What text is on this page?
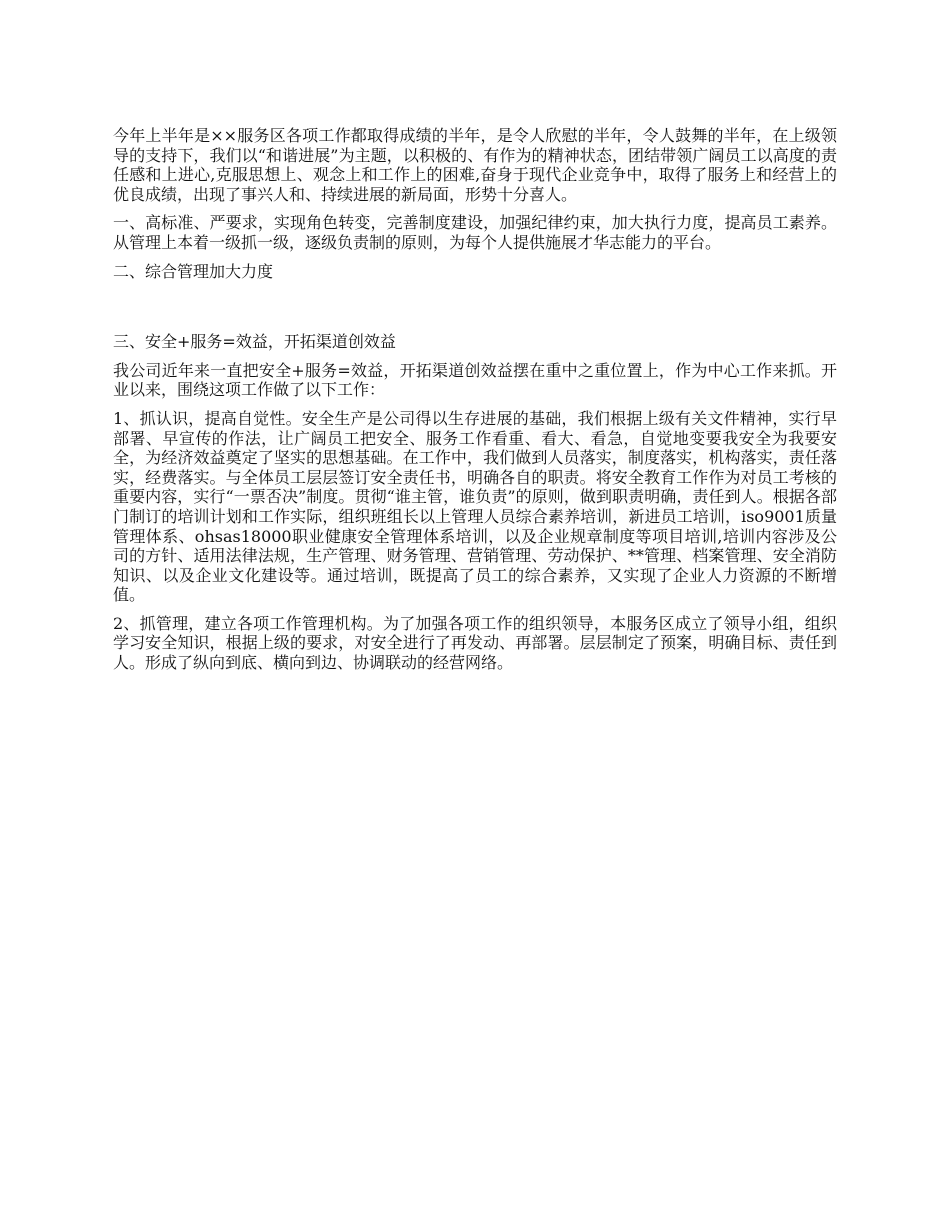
今年上半年是××服务区各项工作都取得成绩的半年，是令人欣慰的半年，令人鼓舞的半年，在上级领导的支持下，我们以“和谐进展”为主题，以积极的、有作为的精神状态，团结带领广阔员工以高度的责任感和上进心,克服思想上、观念上和工作上的困难,奋身于现代企业竞争中，取得了服务上和经营上的优良成绩，出现了事兴人和、持续进展的新局面，形势十分喜人。

一、高标准、严要求，实现角色转变，完善制度建设，加强纪律约束，加大执行力度，提高员工素养。从管理上本着一级抓一级，逐级负责制的原则，为每个人提供施展才华志能力的平台。

二、综合管理加大力度

三、安全+服务=效益，开拓渠道创效益

我公司近年来一直把安全+服务=效益，开拓渠道创效益摆在重中之重位置上，作为中心工作来抓。开业以来，围绕这项工作做了以下工作：

1、抓认识，提高自觉性。安全生产是公司得以生存进展的基础，我们根据上级有关文件精神，实行早部署、早宣传的作法，让广阔员工把安全、服务工作看重、看大、看急，自觉地变要我安全为我要安全，为经济效益奠定了坚实的思想基础。在工作中，我们做到人员落实，制度落实，机构落实，责任落实，经费落实。与全体员工层层签订安全责任书，明确各自的职责。将安全教育工作作为对员工考核的重要内容，实行“一票否决”制度。贯彻“谁主管，谁负责”的原则，做到职责明确，责任到人。根据各部门制订的培训计划和工作实际，组织班组长以上管理人员综合素养培训，新进员工培训，iso9001质量管理体系、ohsas18000职业健康安全管理体系培训，以及企业规章制度等项目培训,培训内容涉及公司的方针、适用法律法规，生产管理、财务管理、营销管理、劳动保护、**管理、档案管理、安全消防知识、以及企业文化建设等。通过培训，既提高了员工的综合素养，又实现了企业人力资源的不断增值。

2、抓管理，建立各项工作管理机构。为了加强各项工作的组织领导，本服务区成立了领导小组，组织学习安全知识，根据上级的要求，对安全进行了再发动、再部署。层层制定了预案，明确目标、责任到人。形成了纵向到底、横向到边、协调联动的经营网络。
